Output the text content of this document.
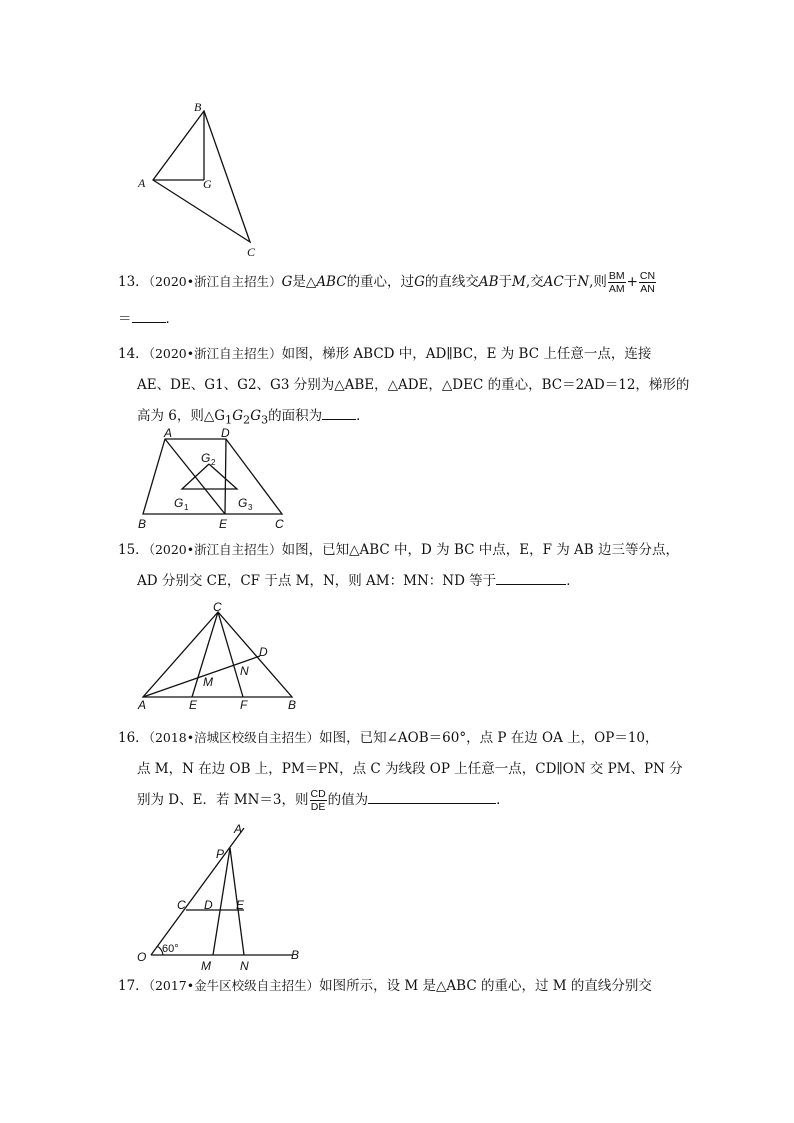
B
A	G
C
13．（2020•浙江自主招生）G是△ABC的重心，过G的直线交AB于M,交AC于N,则 $\frac{BM}{AM} + \frac{CN}{AN}$
＝	．
14．（2020•浙江自主招生）如图，梯形 ABCD 中，AD∥BC，E 为 BC 上任意一点，连接
AE、DE、G1、G2、G3 分别为△ABE，△ADE，△DEC 的重心，BC＝2AD＝12，梯形的
高为 6，则$\triangle G_1G_2G_3$的面积为	．
A	D
G 2
G 1	G 3
B	E	C
15．（2020•浙江自主招生）如图，已知△ABC 中，D 为 BC 中点，E，F 为 AB 边三等分点，
AD 分别交 CE，CF 于点 M，N，则 AM：MN：ND 等于	．
C
D
N
M
A	E	F	B
16．（2018•涪城区校级自主招生）如图，已知∠AOB＝60°，点 P 在边 OA 上，OP＝10，
点 M，N 在边 OB 上，PM＝PN，点 C 为线段 OP 上任意一点，CD∥ON 交 PM、PN 分
别为 D、E．若 MN＝3，则 $\frac{CD}{DE}$ 的值为	．
A
P
C D E
O
60°	B
M N
17．（2017•金牛区校级自主招生）如图所示，设 M 是△ABC 的重心，过 M 的直线分别交
